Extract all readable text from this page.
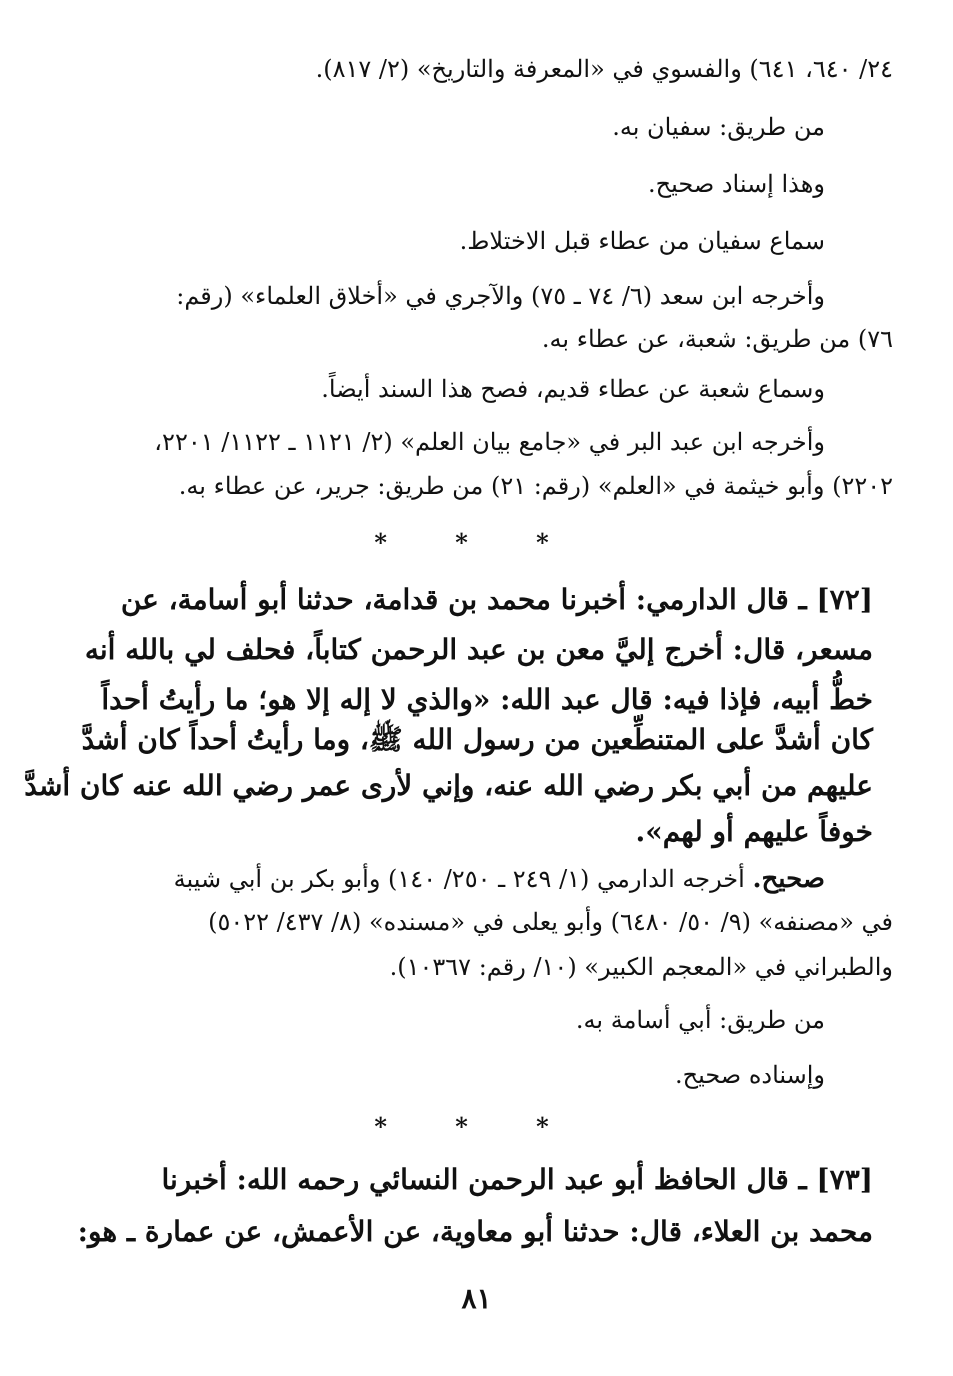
٢٤/ ٦٤٠، ٦٤١) والفسوي في «المعرفة والتاريخ» (٢/ ٨١٧).
من طريق: سفيان به.
وهذا إسناد صحيح.
سماع سفيان من عطاء قبل الاختلاط.
وأخرجه ابن سعد (٦/ ٧٤ ـ ٧٥) والآجري في «أخلاق العلماء» (رقم:
٧٦) من طريق: شعبة، عن عطاء به.
وسماع شعبة عن عطاء قديم، فصح هذا السند أيضاً.
وأخرجه ابن عبد البر في «جامع بيان العلم» (٢/ ١١٢١ ـ ١١٢٢/ ٢٢٠١،
٢٢٠٢) وأبو خيثمة في «العلم» (رقم: ٢١) من طريق: جرير، عن عطاء به.
* * *
[٧٢] ـ قال الدارمي: أخبرنا محمد بن قدامة، حدثنا أبو أسامة، عن
مسعر، قال: أخرج إليَّ معن بن عبد الرحمن كتاباً، فحلف لي بالله أنه
خطُّ أبيه، فإذا فيه: قال عبد الله: «والذي لا إله إلا هو؛ ما رأيتُ أحداً
كان أشدَّ على المتنطِّعين من رسول الله ﷺ، وما رأيتُ أحداً كان أشدَّ
عليهم من أبي بكر رضي الله عنه، وإني لأرى عمر رضي الله عنه كان أشدَّ
خوفاً عليهم أو لهم».
صحيح. أخرجه الدارمي (١/ ٢٤٩ ـ ٢٥٠/ ١٤٠) وأبو بكر بن أبي شيبة
في «مصنفه» (٩/ ٥٠/ ٦٤٨٠) وأبو يعلى في «مسنده» (٨/ ٤٣٧/ ٥٠٢٢)
والطبراني في «المعجم الكبير» (١٠/ رقم: ١٠٣٦٧).
من طريق: أبي أسامة به.
وإسناده صحيح.
* * *
[٧٣] ـ قال الحافظ أبو عبد الرحمن النسائي رحمه الله: أخبرنا
محمد بن العلاء، قال: حدثنا أبو معاوية، عن الأعمش، عن عمارة ـ هو:
٨١
